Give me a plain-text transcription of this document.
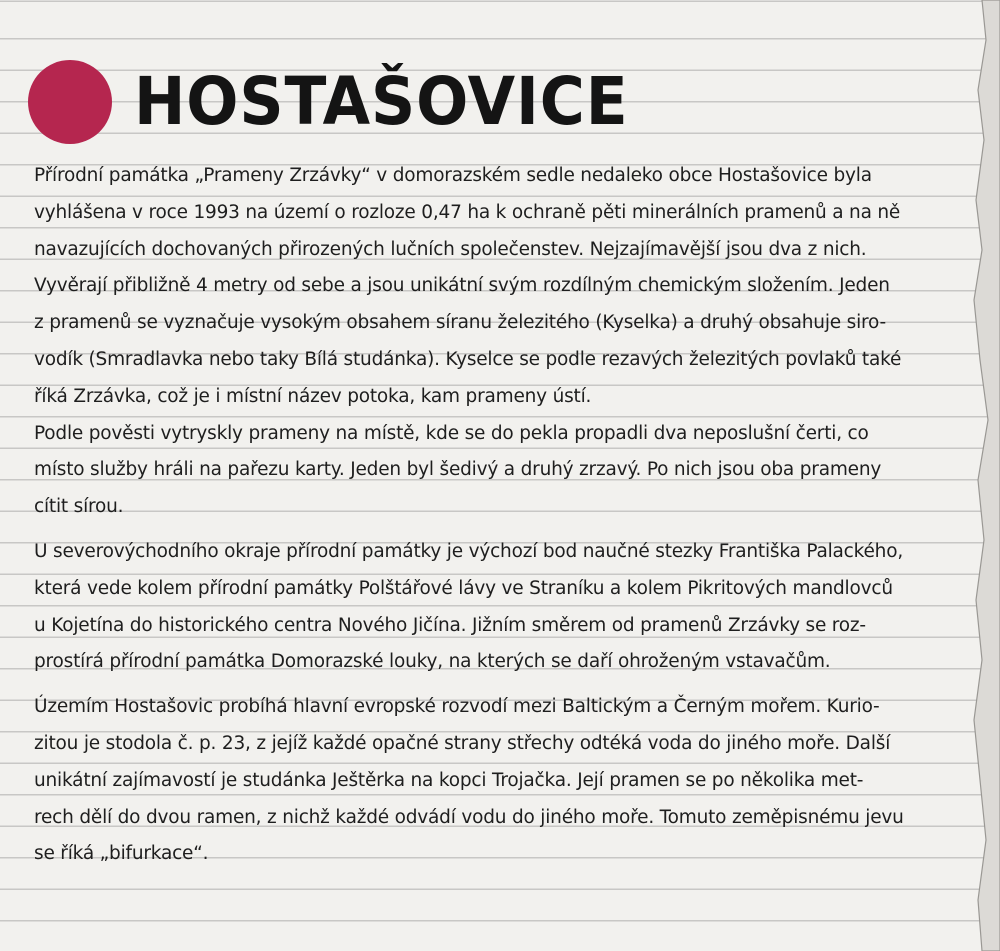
HOSTAŠOVICE
Přírodní památka „Prameny Zrzávky“ v domorazském sedle nedaleko obce Hostašovice byla
vyhlášena v roce 1993 na území o rozloze 0,47 ha k ochraně pěti minerálních pramenů a na ně
navazujících dochovaných přirozených lučních společenstev. Nejzajímavější jsou dva z nich.
Vyvěrají přibližně 4 metry od sebe a jsou unikátní svým rozdílným chemickým složením. Jeden
z pramenů se vyznačuje vysokým obsahem síranu železitého (Kyselka) a druhý obsahuje siro-
vodík (Smradlavka nebo taky Bílá studánka). Kyselce se podle rezavých železitých povlaků také
říká Zrzávka, což je i místní název potoka, kam prameny ústí.
Podle pověsti vytryskly prameny na místě, kde se do pekla propadli dva neposlušní čerti, co
místo služby hráli na pařezu karty. Jeden byl šedivý a druhý zrzavý. Po nich jsou oba prameny
cítit sírou.
U severovýchodního okraje přírodní památky je výchozí bod naučné stezky Františka Palackého,
která vede kolem přírodní památky Polštářové lávy ve Straníku a kolem Pikritových mandlovců
u Kojetína do historického centra Nového Jičína. Jižním směrem od pramenů Zrzávky se roz-
prostírá přírodní památka Domorazské louky, na kterých se daří ohroženým vstavačům.
Územím Hostašovic probíhá hlavní evropské rozvodí mezi Baltickým a Černým mořem. Kurio-
zitou je stodola č. p. 23, z jejíž každé opačné strany střechy odtéká voda do jiného moře. Další
unikátní zajímavostí je studánka Ještěrka na kopci Trojačka. Její pramen se po několika met-
rech dělí do dvou ramen, z nichž každé odvádí vodu do jiného moře. Tomuto zeměpisnému jevu
se říká „bifurkace“.
